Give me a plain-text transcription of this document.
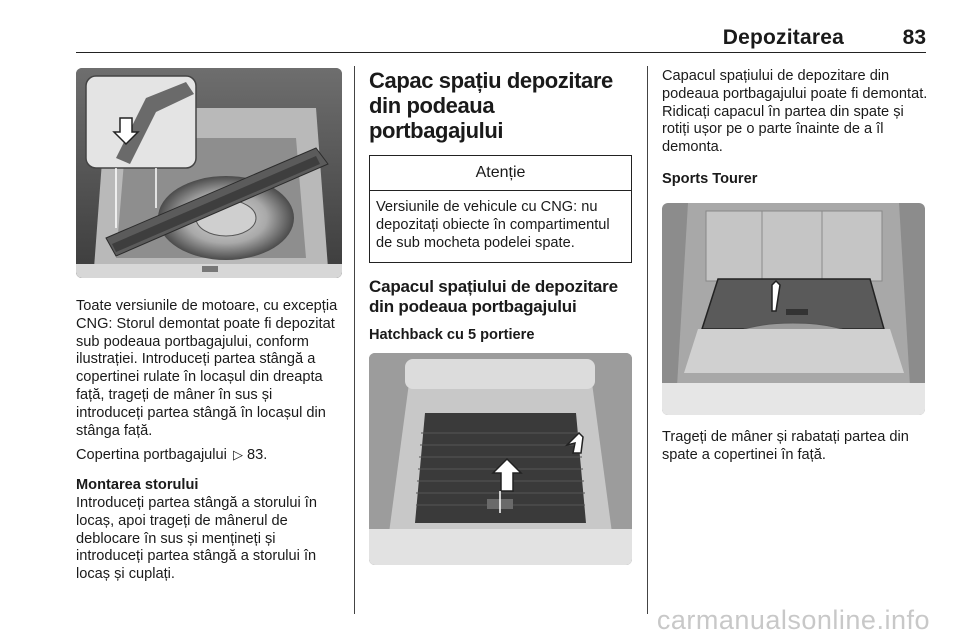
Depozitarea	83

Toate versiunile de motoare, cu excepția CNG: Storul demontat poate fi depozitat sub podeaua portbagajului, conform ilustrației. Introduceți partea stângă a copertinei rulate în locașul din dreapta față, trageți de mâner în sus și introduceți partea stângă în locașul din stânga față.

Copertina portbagajului ▷ 83.

Montarea storului

Introduceți partea stângă a storului în locaș, apoi trageți de mânerul de deblocare în sus și mențineți și introduceți partea stângă a storului în locaș și cuplați.

Capac spațiu depozitare din podeaua portbagajului

Atenție
Versiunile de vehicule cu CNG: nu depozitați obiecte în compartimentul de sub mocheta podelei spate.

Capacul spațiului de depozitare din podeaua portbagajului

Hatchback cu 5 portiere

Capacul spațiului de depozitare din podeaua portbagajului poate fi demontat. Ridicați capacul în partea din spate și rotiți ușor pe o parte înainte de a îl demonta.

Sports Tourer

Trageți de mâner și rabatați partea din spate a copertinei în față.

carmanualsonline.info
